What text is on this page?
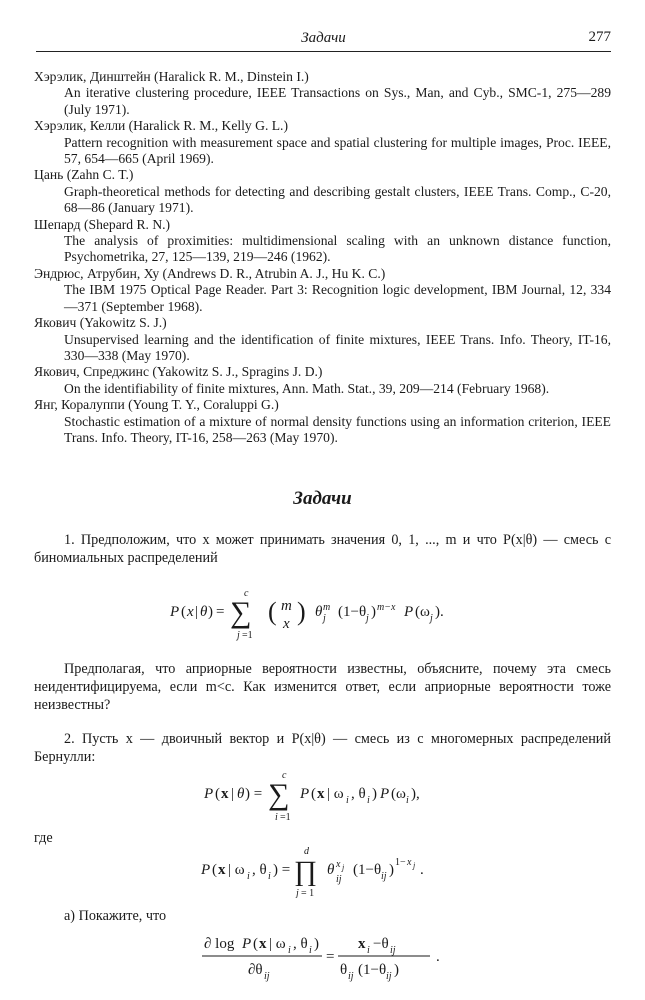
Задачи	277

Хэрэлик, Динштейн (Haralick R. M., Dinstein I.)
An iterative clustering procedure, IEEE Transactions on Sys., Man, and Cyb., SMC-1, 275—289 (July 1971).

Хэрэлик, Келли (Haralick R. M., Kelly G. L.)
Pattern recognition with measurement space and spatial clustering for multiple images, Proc. IEEE, 57, 654—665 (April 1969).

Цань (Zahn C. T.)
Graph-theoretical methods for detecting and describing gestalt clusters, IEEE Trans. Comp., C-20, 68—86 (January 1971).

Шепард (Shepard R. N.)
The analysis of proximities: multidimensional scaling with an unknown distance function, Psychometrika, 27, 125—139, 219—246 (1962).

Эндрюс, Атрубин, Ху (Andrews D. R., Atrubin A. J., Hu K. C.)
The IBM 1975 Optical Page Reader. Part 3: Recognition logic development, IBM Journal, 12, 334—371 (September 1968).

Якович (Yakowitz S. J.)
Unsupervised learning and the identification of finite mixtures, IEEE Trans. Info. Theory, IT-16, 330—338 (May 1970).

Якович, Спреджинс (Yakowitz S. J., Spragins J. D.)
On the identifiability of finite mixtures, Ann. Math. Stat., 39, 209—214 (February 1968).

Янг, Коралуппи (Young T. Y., Coraluppi G.)
Stochastic estimation of a mixture of normal density functions using an information criterion, IEEE Trans. Info. Theory, IT-16, 258—263 (May 1970).

Задачи
1. Предположим, что x может принимать значения 0, 1, ..., m и что P(x|θ) — смесь c биномиальных распределений
P ( x | θ ) = ∑
c
j =1
( m
x ) θ m
j (1−θ j ) m−x P (ω j ).
Предполагая, что априорные вероятности известны, объясните, почему эта смесь неидентифицируема, если m<c. Как изменится ответ, если априорные вероятности тоже неизвестны?
2. Пусть x — двоичный вектор и P(x|θ) — смесь из c многомерных распределений Бернулли:
P ( x | θ ) = ∑
c
i =1
P ( x | ω i , θ i ) P (ω i ),
где
P ( x | ω i , θ i ) = ∏
d
j = 1
θ x j
ij
(1−θ ij ) 1− x j .
а) Покажите, что
∂ log P ( x | ω i , θ i )
∂θ ij
=
x i −θ ij
θ ij (1−θ ij )
.
